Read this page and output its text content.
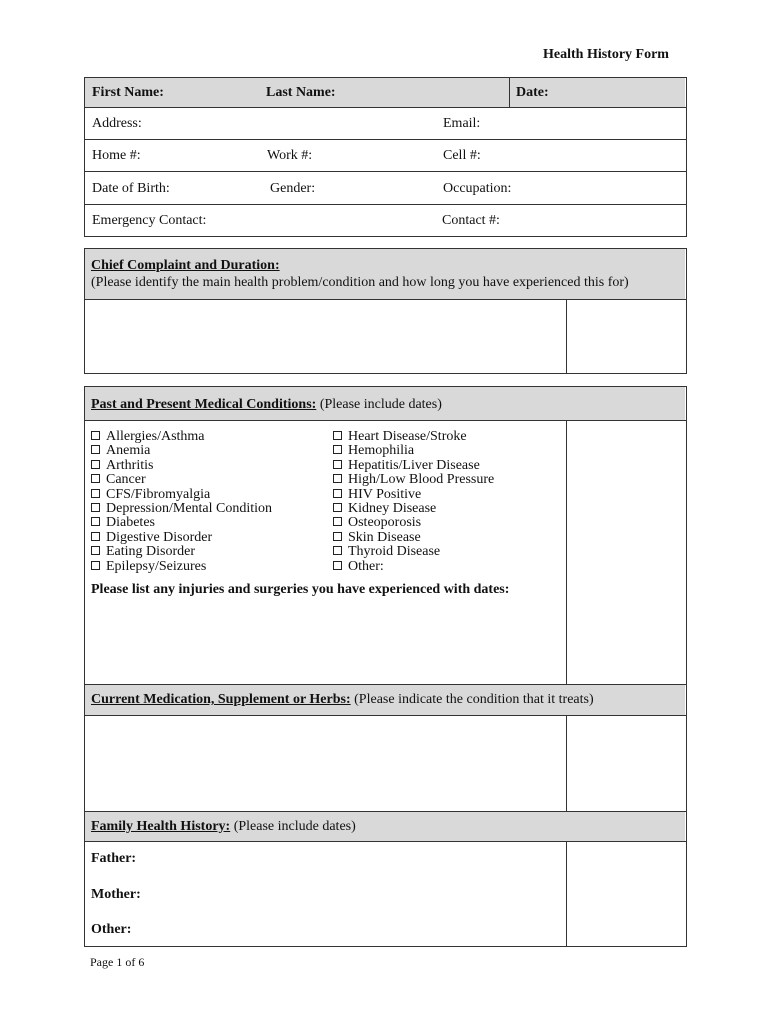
Health History Form
First Name:	Last Name:	Date:
Address:	Email:
Home #:	Work #:	Cell #:
Date of Birth:	Gender:	Occupation:
Emergency Contact:	Contact #:
Chief Complaint and Duration:
(Please identify the main health problem/condition and how long you have experienced this for)
Past and Present Medical Conditions: (Please include dates)
Allergies/Asthma
Anemia
Arthritis
Cancer
CFS/Fibromyalgia
Depression/Mental Condition
Diabetes
Digestive Disorder
Eating Disorder
Epilepsy/Seizures
Heart Disease/Stroke
Hemophilia
Hepatitis/Liver Disease
High/Low Blood Pressure
HIV Positive
Kidney Disease
Osteoporosis
Skin Disease
Thyroid Disease
Other:
Please list any injuries and surgeries you have experienced with dates:
Current Medication, Supplement or Herbs: (Please indicate the condition that it treats)
Family Health History: (Please include dates)
Father:
Mother:
Other:
Page 1 of 6
